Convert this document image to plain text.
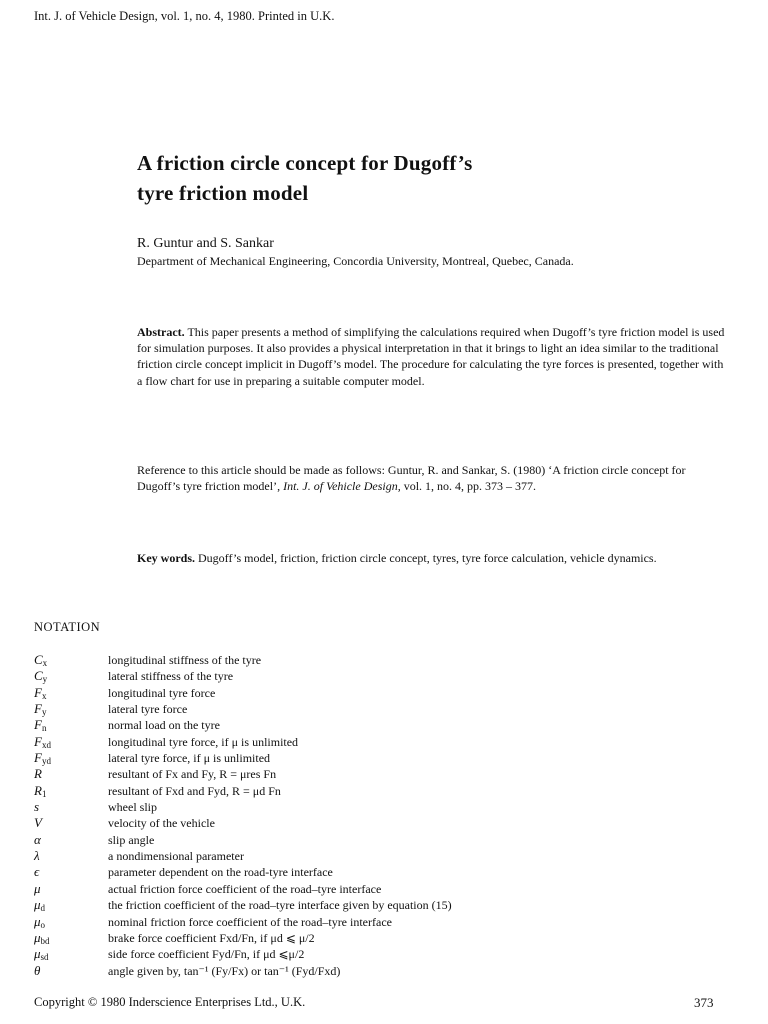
Int. J. of Vehicle Design, vol. 1, no. 4, 1980. Printed in U.K.
A friction circle concept for Dugoff’s
tyre friction model
R. Guntur and S. Sankar
Department of Mechanical Engineering, Concordia University, Montreal, Quebec, Canada.

Abstract. This paper presents a method of simplifying the calculations required when Dugoff’s tyre friction model is used for simulation purposes. It also provides a physical interpretation in that it brings to light an idea similar to the traditional friction circle concept implicit in Dugoff’s model. The procedure for calculating the tyre forces is presented, together with a flow chart for use in preparing a suitable computer model.

Reference to this article should be made as follows: Guntur, R. and Sankar, S. (1980) ‘A friction circle concept for Dugoff’s tyre friction model’, Int. J. of Vehicle Design, vol. 1, no. 4, pp. 373 – 377.

Key words. Dugoff’s model, friction, friction circle concept, tyres, tyre force calculation, vehicle dynamics.

NOTATION
$C_x$	longitudinal stiffness of the tyre
$C_y$	lateral stiffness of the tyre
$F_x$	longitudinal tyre force
$F_y$	lateral tyre force
$F_n$	normal load on the tyre
$F_{xd}$	longitudinal tyre force, if μ is unlimited
$F_{yd}$	lateral tyre force, if μ is unlimited
R	resultant of Fx and Fy, R = μres Fn
$R_1$	resultant of Fxd and Fyd, R = μd Fn
s	wheel slip
V	velocity of the vehicle
α	slip angle
λ	a nondimensional parameter
ϵ	parameter dependent on the road-tyre interface
μ	actual friction force coefficient of the road–tyre interface
$\mu_d$	the friction coefficient of the road–tyre interface given by equation (15)
$\mu_o$	nominal friction force coefficient of the road–tyre interface
$\mu_{bd}$	brake force coefficient Fxd/Fn, if μd ⩽ μ/2
$\mu_{sd}$	side force coefficient Fyd/Fn, if μd ⩽μ/2
θ	angle given by, tan⁻¹ (Fy/Fx) or tan⁻¹ (Fyd/Fxd)
Copyright © 1980 Inderscience Enterprises Ltd., U.K.	373
